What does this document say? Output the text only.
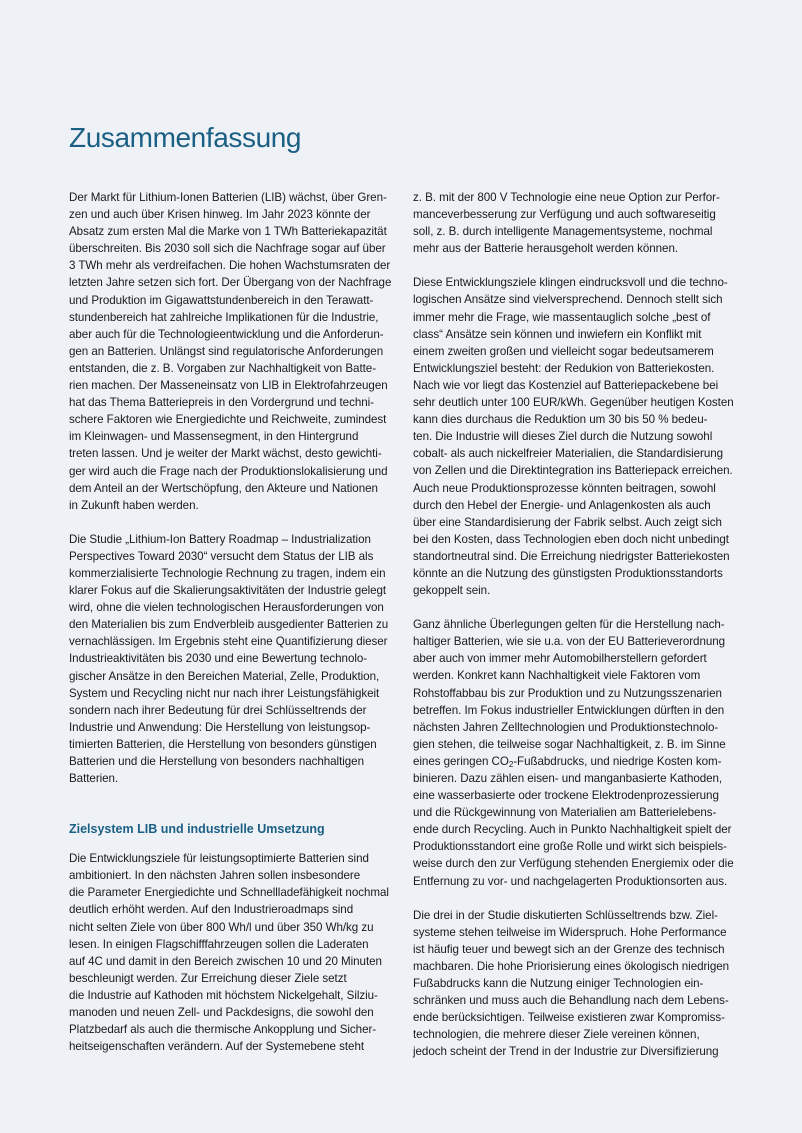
Zusammenfassung

Der Markt für Lithium-Ionen Batterien (LIB) wächst, über Gren-

zen und auch über Krisen hinweg. Im Jahr 2023 könnte der

Absatz zum ersten Mal die Marke von 1 TWh Batteriekapazität

überschreiten. Bis 2030 soll sich die Nachfrage sogar auf über

3 TWh mehr als verdreifachen. Die hohen Wachstumsraten der

letzten Jahre setzen sich fort. Der Übergang von der Nachfrage

und Produktion im Gigawattstundenbereich in den Terawatt-

stundenbereich hat zahlreiche Implikationen für die Industrie,

aber auch für die Technologieentwicklung und die Anforderun-

gen an Batterien. Unlängst sind regulatorische Anforderungen

entstanden, die z. B. Vorgaben zur Nachhaltigkeit von Batte-

rien machen. Der Masseneinsatz von LIB in Elektrofahrzeugen

hat das Thema Batteriepreis in den Vordergrund und techni-

schere Faktoren wie Energiedichte und Reichweite, zumindest

im Kleinwagen- und Massensegment, in den Hintergrund

treten lassen. Und je weiter der Markt wächst, desto gewichti-

ger wird auch die Frage nach der Produktionslokalisierung und

dem Anteil an der Wertschöpfung, den Akteure und Nationen

in Zukunft haben werden.

Die Studie „Lithium-Ion Battery Roadmap – Industrialization

Perspectives Toward 2030“ versucht dem Status der LIB als

kommerzialisierte Technologie Rechnung zu tragen, indem ein

klarer Fokus auf die Skalierungsaktivitäten der Industrie gelegt

wird, ohne die vielen technologischen Herausforderungen von

den Materialien bis zum Endverbleib ausgedienter Batterien zu

vernachlässigen. Im Ergebnis steht eine Quantifizierung dieser

Industrieaktivitäten bis 2030 und eine Bewertung technolo-

gischer Ansätze in den Bereichen Material, Zelle, Produktion,

System und Recycling nicht nur nach ihrer Leistungsfähigkeit

sondern nach ihrer Bedeutung für drei Schlüsseltrends der

Industrie und Anwendung: Die Herstellung von leistungsop-

timierten Batterien, die Herstellung von besonders günstigen

Batterien und die Herstellung von besonders nachhaltigen

Batterien.

Zielsystem LIB und industrielle Umsetzung

Die Entwicklungsziele für leistungsoptimierte Batterien sind

ambitioniert. In den nächsten Jahren sollen insbesondere

die Parameter Energiedichte und Schnellladefähigkeit nochmal

deutlich erhöht werden. Auf den Industrieroadmaps sind

nicht selten Ziele von über 800 Wh/l und über 350 Wh/kg zu

lesen. In einigen Flagschifffahrzeugen sollen die Laderaten

auf 4C und damit in den Bereich zwischen 10 und 20 Minuten

beschleunigt werden. Zur Erreichung dieser Ziele setzt

die Industrie auf Kathoden mit höchstem Nickelgehalt, Silziu-

manoden und neuen Zell- und Packdesigns, die sowohl den

Platzbedarf als auch die thermische Ankopplung und Sicher-

heitseigenschaften verändern. Auf der Systemebene steht

z. B. mit der 800 V Technologie eine neue Option zur Perfor-

manceverbesserung zur Verfügung und auch softwareseitig

soll, z. B. durch intelligente Managementsysteme, nochmal

mehr aus der Batterie herausgeholt werden können.

Diese Entwicklungsziele klingen eindrucksvoll und die techno-

logischen Ansätze sind vielversprechend. Dennoch stellt sich

immer mehr die Frage, wie massentauglich solche „best of

class“ Ansätze sein können und inwiefern ein Konflikt mit

einem zweiten großen und vielleicht sogar bedeutsamerem

Entwicklungsziel besteht: der Redukion von Batteriekosten.

Nach wie vor liegt das Kostenziel auf Batteriepackebene bei

sehr deutlich unter 100 EUR/kWh. Gegenüber heutigen Kosten

kann dies durchaus die Reduktion um 30 bis 50 % bedeu-

ten. Die Industrie will dieses Ziel durch die Nutzung sowohl

cobalt- als auch nickelfreier Materialien, die Standardisierung

von Zellen und die Direktintegration ins Batteriepack erreichen.

Auch neue Produktionsprozesse könnten beitragen, sowohl

durch den Hebel der Energie- und Anlagenkosten als auch

über eine Standardisierung der Fabrik selbst. Auch zeigt sich

bei den Kosten, dass Technologien eben doch nicht unbedingt

standortneutral sind. Die Erreichung niedrigster Batteriekosten

könnte an die Nutzung des günstigsten Produktionsstandorts

gekoppelt sein.

Ganz ähnliche Überlegungen gelten für die Herstellung nach-

haltiger Batterien, wie sie u.a. von der EU Batterieverordnung

aber auch von immer mehr Automobilherstellern gefordert

werden. Konkret kann Nachhaltigkeit viele Faktoren vom

Rohstoffabbau bis zur Produktion und zu Nutzungsszenarien

betreffen. Im Fokus industrieller Entwicklungen dürften in den

nächsten Jahren Zelltechnologien und Produktionstechnolo-

gien stehen, die teilweise sogar Nachhaltigkeit, z. B. im Sinne

eines geringen $CO_2$-Fußabdrucks, und niedrige Kosten kom-

binieren. Dazu zählen eisen- und manganbasierte Kathoden,

eine wasserbasierte oder trockene Elektrodenprozessierung

und die Rückgewinnung von Materialien am Batterielebens-

ende durch Recycling. Auch in Punkto Nachhaltigkeit spielt der

Produktionsstandort eine große Rolle und wirkt sich beispiels-

weise durch den zur Verfügung stehenden Energiemix oder die

Entfernung zu vor- und nachgelagerten Produktionsorten aus.

Die drei in der Studie diskutierten Schlüsseltrends bzw. Ziel-

systeme stehen teilweise im Widerspruch. Hohe Performance

ist häufig teuer und bewegt sich an der Grenze des technisch

machbaren. Die hohe Priorisierung eines ökologisch niedrigen

Fußabdrucks kann die Nutzung einiger Technologien ein-

schränken und muss auch die Behandlung nach dem Lebens-

ende berücksichtigen. Teilweise existieren zwar Kompromiss-

technologien, die mehrere dieser Ziele vereinen können,

jedoch scheint der Trend in der Industrie zur Diversifizierung
